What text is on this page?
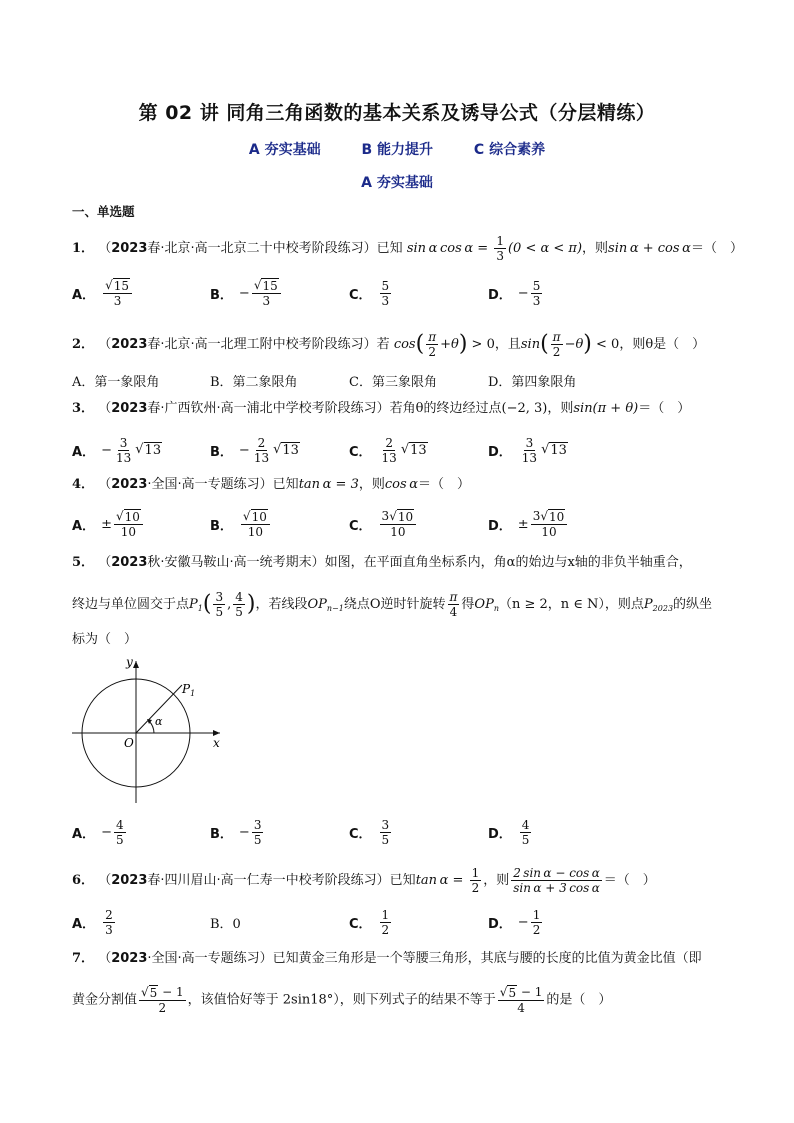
第 02 讲 同角三角函数的基本关系及诱导公式（分层精练）
A 夯实基础	B 能力提升	C 综合素养
A 夯实基础
一、单选题
1． （2023春·北京·高一北京二十中校考阶段练习）已知 sin α $\cos \alpha = \frac{1}{3} (0 < \alpha < \pi)$，则sin α + cos α＝（　）
A． $\frac{√ 15}{3}$	B． − $\frac{√ 15}{3}$	C． $\frac{5}{3}$	D． − $\frac{5}{3}$
2． （2023春·北京·高一北理工附中校考阶段练习）若 $\cos( \frac{\pi}{2} +\theta) > 0$，且$\sin( \frac{\pi}{2} -\theta) < 0$，则θ是（　）
A．第一象限角	B．第二象限角	C．第三象限角	D．第四象限角
3． （2023春·广西钦州·高一浦北中学校考阶段练习）若角θ的终边经过点(−2, 3)，则sin(π + θ)＝（　）
A． − $\frac{3}{13}$ √ 13	B． − $\frac{2}{13}$ √ 13	C． $\frac{2}{13}$ √ 13	D． $\frac{3}{13}$ √ 13
4． （2023·全国·高一专题练习）已知tan α = 3，则cos α＝（　）
A． ± $\frac{√ 10}{10}$	B． $\frac{√ 10}{10}$	C． $\frac{3 √ 10}{10}$	D． ± $\frac{3 √ 10}{10}$
5． （2023秋·安徽马鞍山·高一统考期末）如图，在平面直角坐标系内，角α的始边与x轴的非负半轴重合，
终边与单位圆交于点$P_1( \frac{3}{5}$ , $\frac{4}{5}$ )，若线段$OP_{n-1}$绕点O逆时针旋转 $\frac{\pi}{4}$ 得$OP_n(n \ge 2$，n ∈ N），则点$P_{2023}$的纵坐
标为（　）
y
x
O
$P_1$
α
A． − $\frac{4}{5}$	B． − $\frac{3}{5}$	C． $\frac{3}{5}$	D． $\frac{4}{5}$
6． （2023春·四川眉山·高一仁寿一中校考阶段练习）已知$\tan \alpha = \frac{1}{2}$ ，则 $\frac{\text{2 sin α − cos α}}{\text{sin α + 3 cos α}}$ ＝（　）
A． $\frac{2}{3}$	B．0	C． $\frac{1}{2}$	D． − $\frac{1}{2}$
7． （2023·全国·高一专题练习）已知黄金三角形是一个等腰三角形，其底与腰的长度的比值为黄金比值（即
黄金分割值 $\frac{√ 5 - 1}{2}$ ，该值恰好等于 2sin18°），则下列式子的结果不等于 $\frac{√ 5 - 1}{4}$ 的是（　）
